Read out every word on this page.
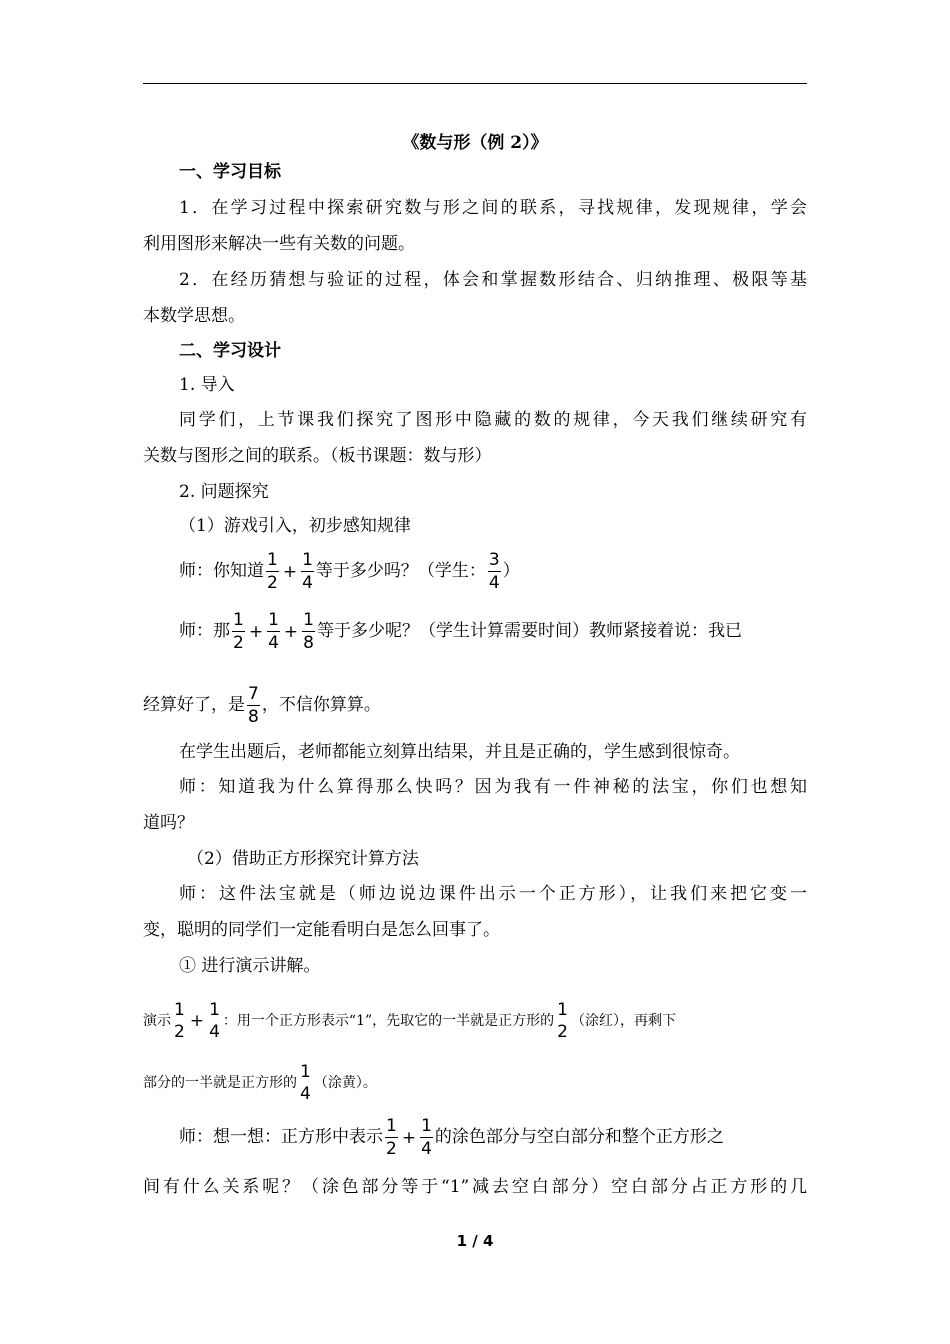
《数与形（例 2）》
一、学习目标
1．在学习过程中探索研究数与形之间的联系，寻找规律，发现规律，学会
利用图形来解决一些有关数的问题。
2．在经历猜想与验证的过程，体会和掌握数形结合、归纳推理、极限等基
本数学思想。
二、学习设计
1. 导入
同学们，上节课我们探究了图形中隐藏的数的规律，今天我们继续研究有
关数与图形之间的联系。（板书课题：数与形）
2. 问题探究
（1）游戏引入，初步感知规律
师：你知道 $\frac{1}{2} + \frac{1}{4}$ 等于多少吗？（学生： $\frac{3}{4}$ ）
师：那 $\frac{1}{2} + \frac{1}{4} + \frac{1}{8}$ 等于多少呢？（学生计算需要时间）教师紧接着说：我已
经算好了，是 $\frac{7}{8}$ ，不信你算算。
在学生出题后，老师都能立刻算出结果，并且是正确的，学生感到很惊奇。
师：知道我为什么算得那么快吗？因为我有一件神秘的法宝，你们也想知
道吗？
（2）借助正方形探究计算方法
师：这件法宝就是（师边说边课件出示一个正方形），让我们来把它变一
变，聪明的同学们一定能看明白是怎么回事了。
① 进行演示讲解。
演示
1
2
+
1
4
：用一个正方形表示“1”，先取它的一半就是正方形的
1
2
（涂红），再剩下
部分的一半就是正方形的
1
4
（涂黄）。
师：想一想：正方形中表示 $\frac{1}{2} + \frac{1}{4}$ 的涂色部分与空白部分和整个正方形之
间有什么关系呢？（涂色部分等于“1”减去空白部分）空白部分占正方形的几
1 / 4
